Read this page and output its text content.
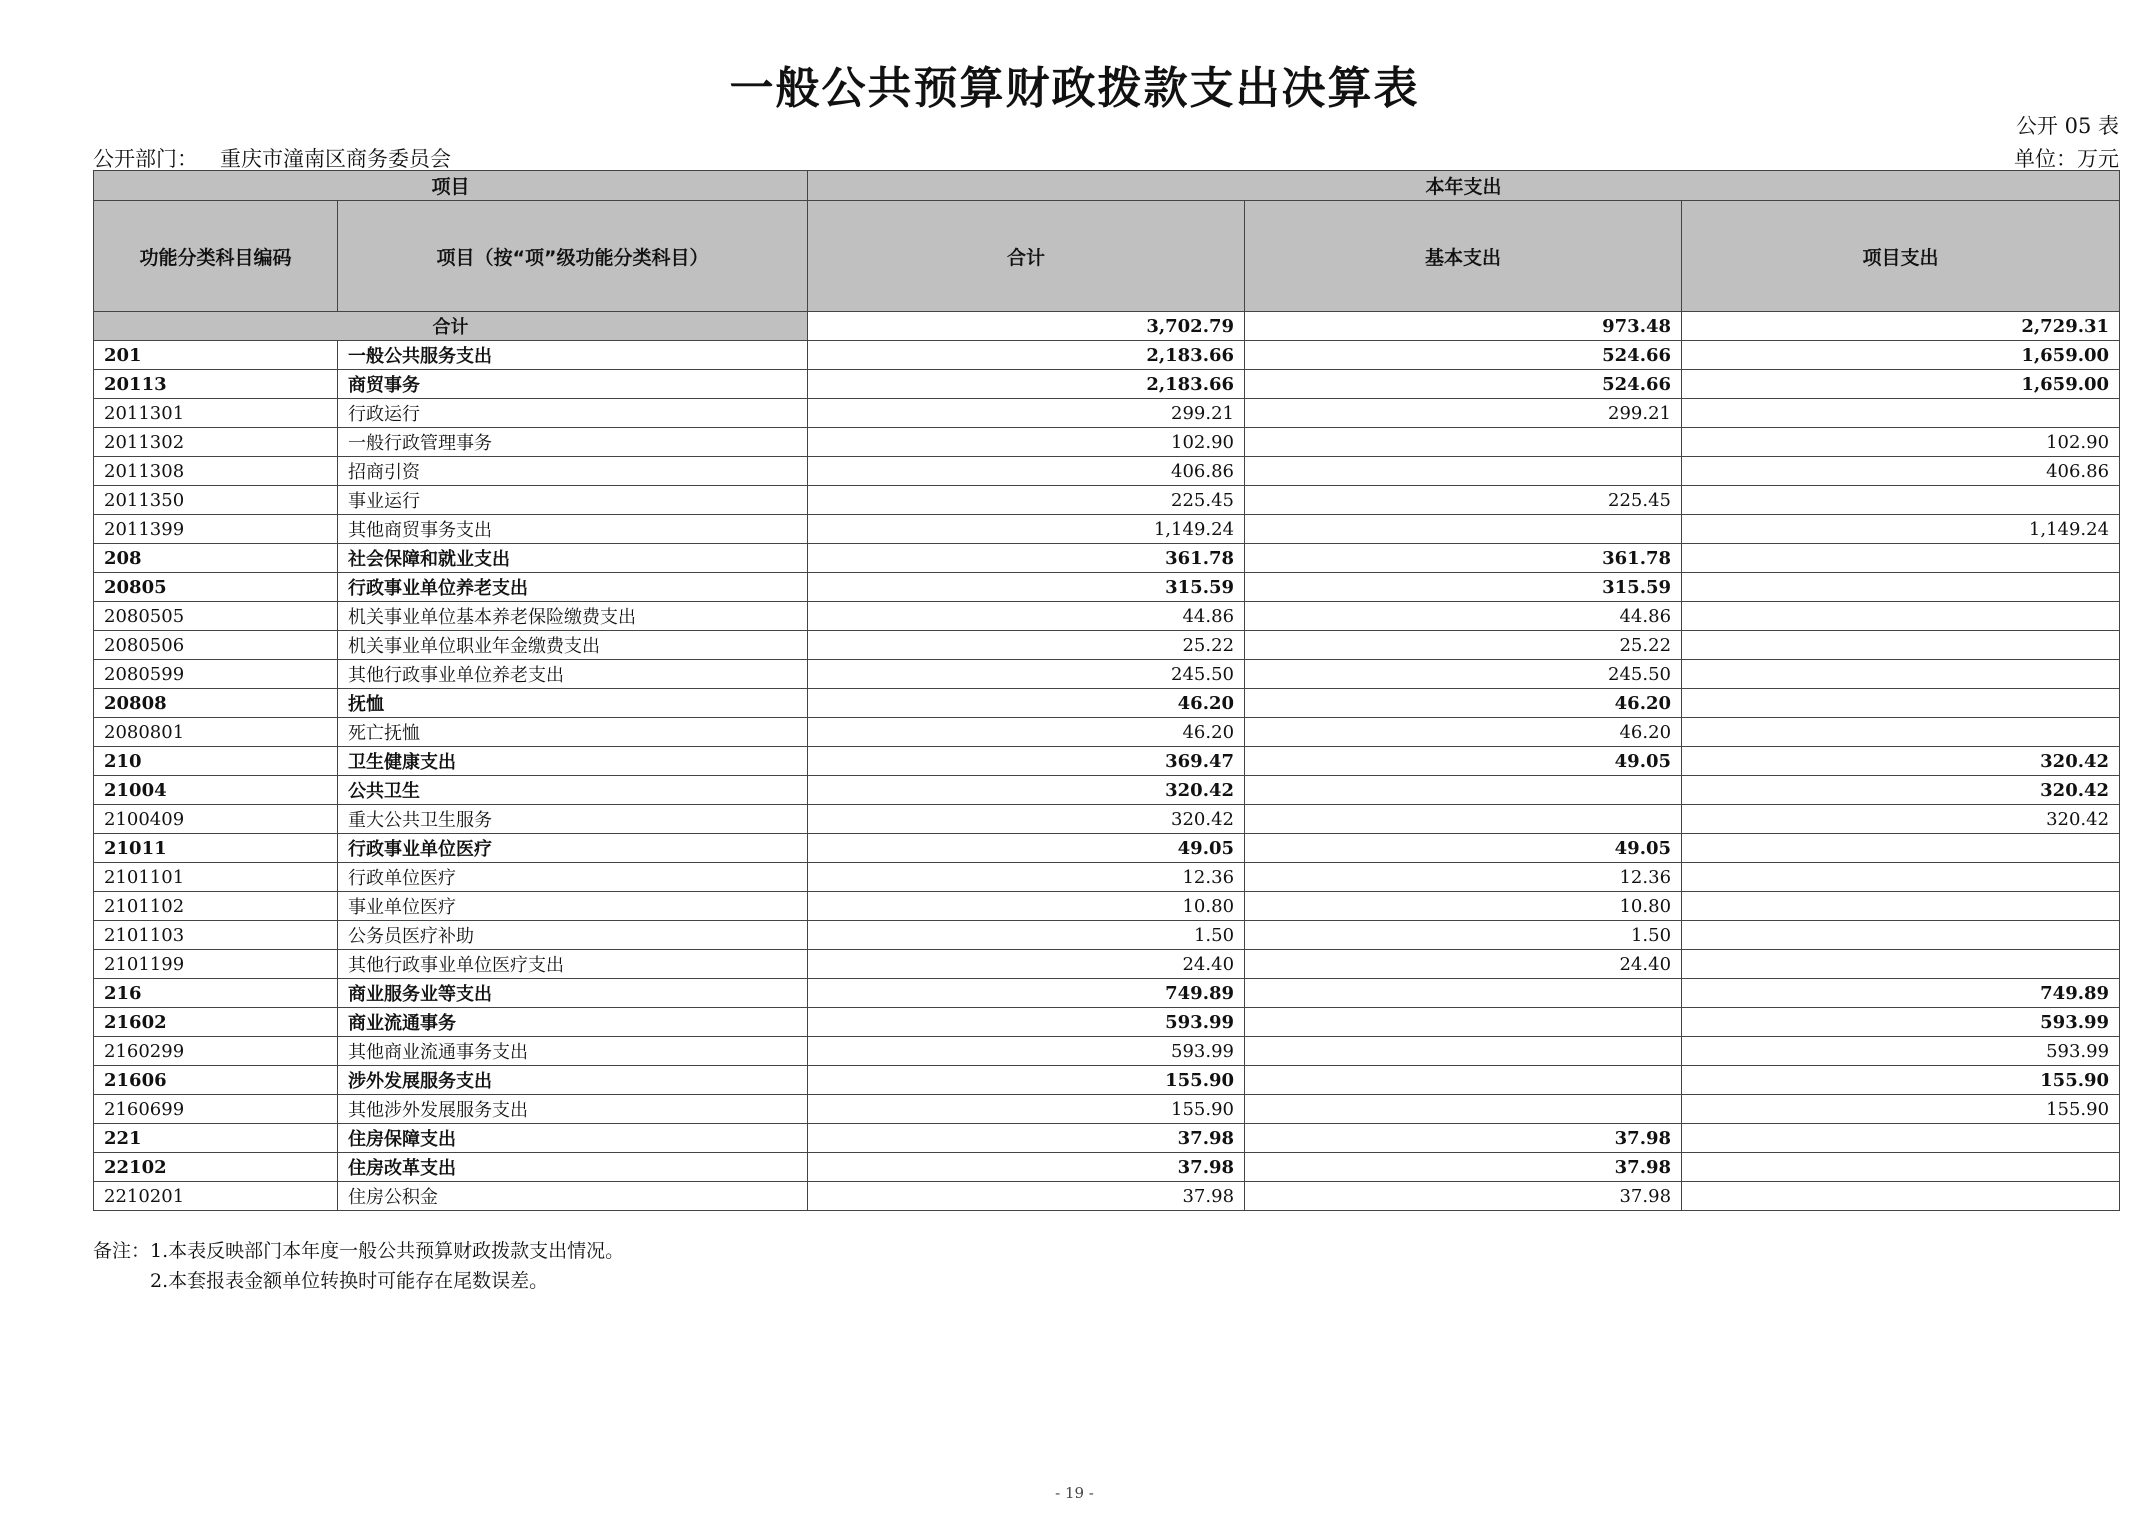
一般公共预算财政拨款支出决算表
公开 05 表
公开部门： 重庆市潼南区商务委员会	单位：万元
项目		本年支出		
功能分类科目编码	项目（按“项”级功能分类科目）	合计	基本支出	项目支出
合计		3,702.79	973.48	2,729.31
201	一般公共服务支出	2,183.66	524.66	1,659.00
20113	商贸事务	2,183.66	524.66	1,659.00
2011301	行政运行	299.21	299.21	
2011302	一般行政管理事务	102.90		102.90
2011308	招商引资	406.86		406.86
2011350	事业运行	225.45	225.45	
2011399	其他商贸事务支出	1,149.24		1,149.24
208	社会保障和就业支出	361.78	361.78	
20805	行政事业单位养老支出	315.59	315.59	
2080505	机关事业单位基本养老保险缴费支出	44.86	44.86	
2080506	机关事业单位职业年金缴费支出	25.22	25.22	
2080599	其他行政事业单位养老支出	245.50	245.50	
20808	抚恤	46.20	46.20	
2080801	死亡抚恤	46.20	46.20	
210	卫生健康支出	369.47	49.05	320.42
21004	公共卫生	320.42		320.42
2100409	重大公共卫生服务	320.42		320.42
21011	行政事业单位医疗	49.05	49.05	
2101101	行政单位医疗	12.36	12.36	
2101102	事业单位医疗	10.80	10.80	
2101103	公务员医疗补助	1.50	1.50	
2101199	其他行政事业单位医疗支出	24.40	24.40	
216	商业服务业等支出	749.89		749.89
21602	商业流通事务	593.99		593.99
2160299	其他商业流通事务支出	593.99		593.99
21606	涉外发展服务支出	155.90		155.90
2160699	其他涉外发展服务支出	155.90		155.90
221	住房保障支出	37.98	37.98	
22102	住房改革支出	37.98	37.98	
2210201	住房公积金	37.98	37.98	
备注：1.本表反映部门本年度一般公共预算财政拨款支出情况。
2.本套报表金额单位转换时可能存在尾数误差。
- 19 -
